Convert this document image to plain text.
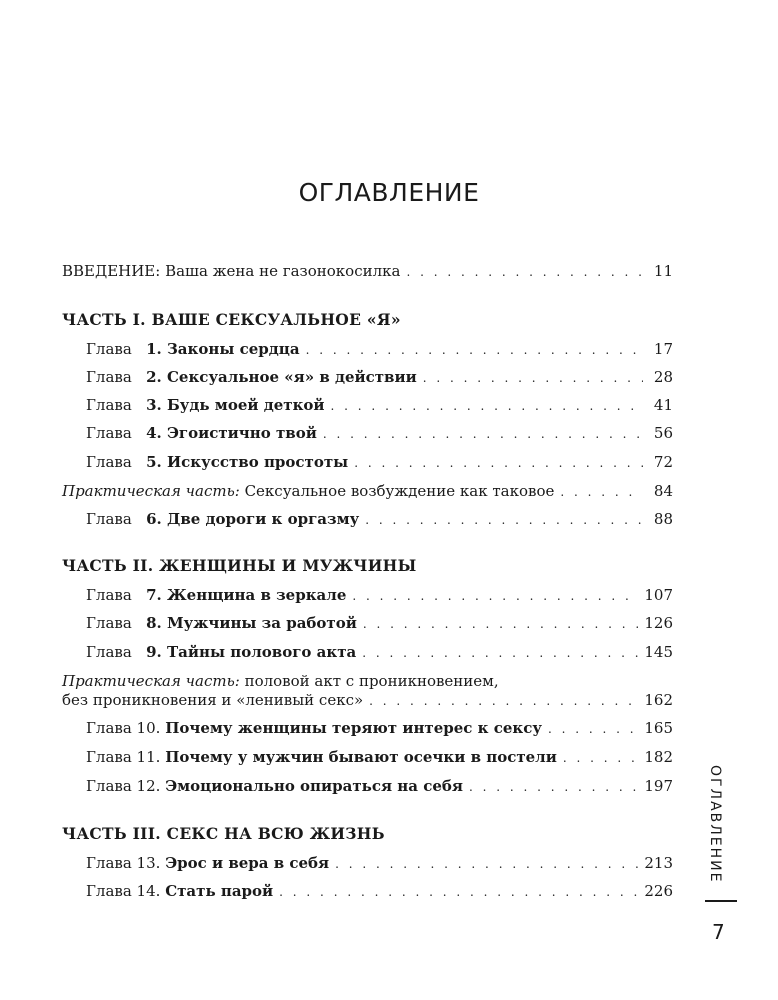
ОГЛАВЛЕНИЕ
ВВЕДЕНИЕ: Ваша жена не газонокосилка . . .	11
ЧАСТЬ I. ВАШЕ СЕКСУАЛЬНОЕ «Я»
Глава 1. Законы сердца . . .	17
Глава 2. Сексуальное «я» в действии . . .	28
Глава 3. Будь моей деткой . . .	41
Глава 4. Эгоистично твой . . .	56
Глава 5. Искусство простоты . . .	72
Практическая часть: Сексуальное возбуждение как таковое . . .	84
Глава 6. Две дороги к оргазму . . .	88
ЧАСТЬ II. ЖЕНЩИНЫ И МУЖЧИНЫ
Глава 7. Женщина в зеркале . . .	107
Глава 8. Мужчины за работой . . .	126
Глава 9. Тайны полового акта . . .	145
Практическая часть: половой акт с проникновением,
без проникновения и «ленивый секс» . . .	162
Глава 10. Почему женщины теряют интерес к сексу . . .	165
Глава 11. Почему у мужчин бывают осечки в постели . . .	182
Глава 12. Эмоционально опираться на себя . . .	197
ЧАСТЬ III. СЕКС НА ВСЮ ЖИЗНЬ
Глава 13. Эрос и вера в себя . . .	213
Глава 14. Стать парой . . .	226
ОГЛАВЛЕНИЕ
7
